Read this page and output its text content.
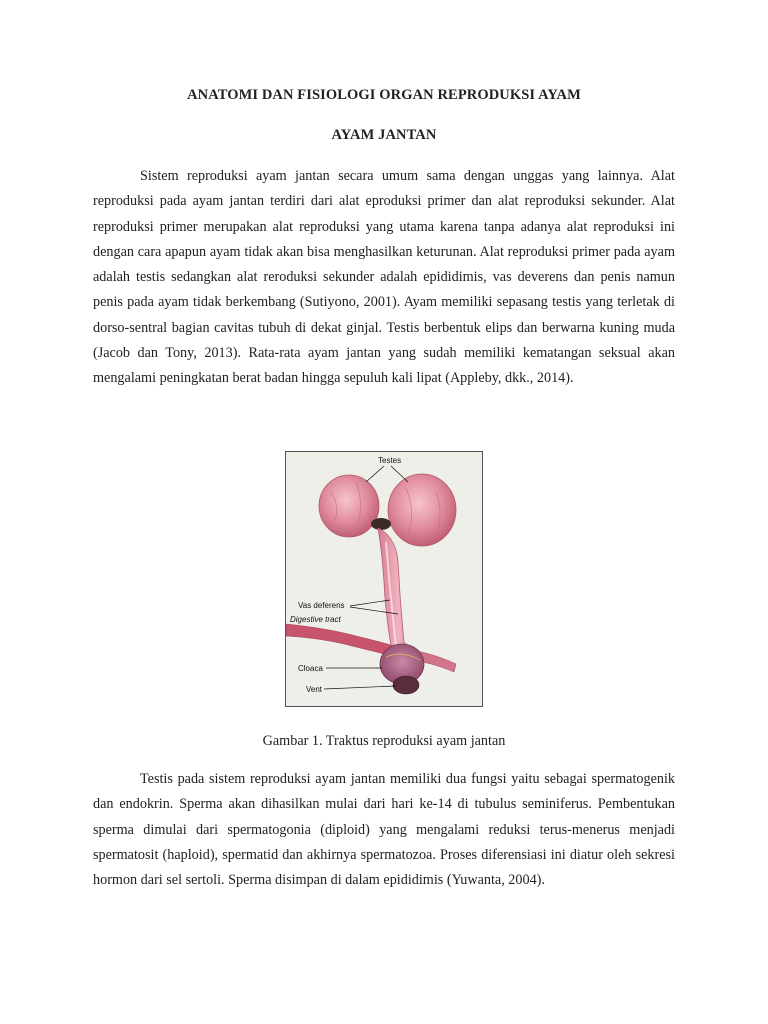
ANATOMI DAN FISIOLOGI ORGAN REPRODUKSI AYAM
AYAM JANTAN

Sistem reproduksi ayam jantan secara umum sama dengan unggas yang lainnya. Alat reproduksi pada ayam jantan terdiri dari alat eproduksi primer dan alat reproduksi sekunder. Alat reproduksi primer merupakan alat reproduksi yang utama karena tanpa adanya alat reproduksi ini dengan cara apapun ayam tidak akan bisa menghasilkan keturunan. Alat reproduksi primer pada ayam adalah testis sedangkan alat reroduksi sekunder adalah epididimis, vas deverens dan penis namun penis pada ayam tidak berkembang (Sutiyono, 2001). Ayam memiliki sepasang testis yang terletak di dorso-sentral bagian cavitas tubuh di dekat ginjal. Testis berbentuk elips dan berwarna kuning muda (Jacob dan Tony, 2013). Rata-rata ayam jantan yang sudah memiliki kematangan seksual akan mengalami peningkatan berat badan hingga sepuluh kali lipat (Appleby, dkk., 2014).

Testes
Vas deferens
Digestive tract
Cloaca
Vent
Gambar 1. Traktus reproduksi ayam jantan

Testis pada sistem reproduksi ayam jantan memiliki dua fungsi yaitu sebagai spermatogenik dan endokrin. Sperma akan dihasilkan mulai dari hari ke-14 di tubulus seminiferus. Pembentukan sperma dimulai dari spermatogonia (diploid) yang mengalami reduksi terus-menerus menjadi spermatosit (haploid), spermatid dan akhirnya spermatozoa. Proses diferensiasi ini diatur oleh sekresi hormon dari sel sertoli. Sperma disimpan di dalam epididimis (Yuwanta, 2004).
